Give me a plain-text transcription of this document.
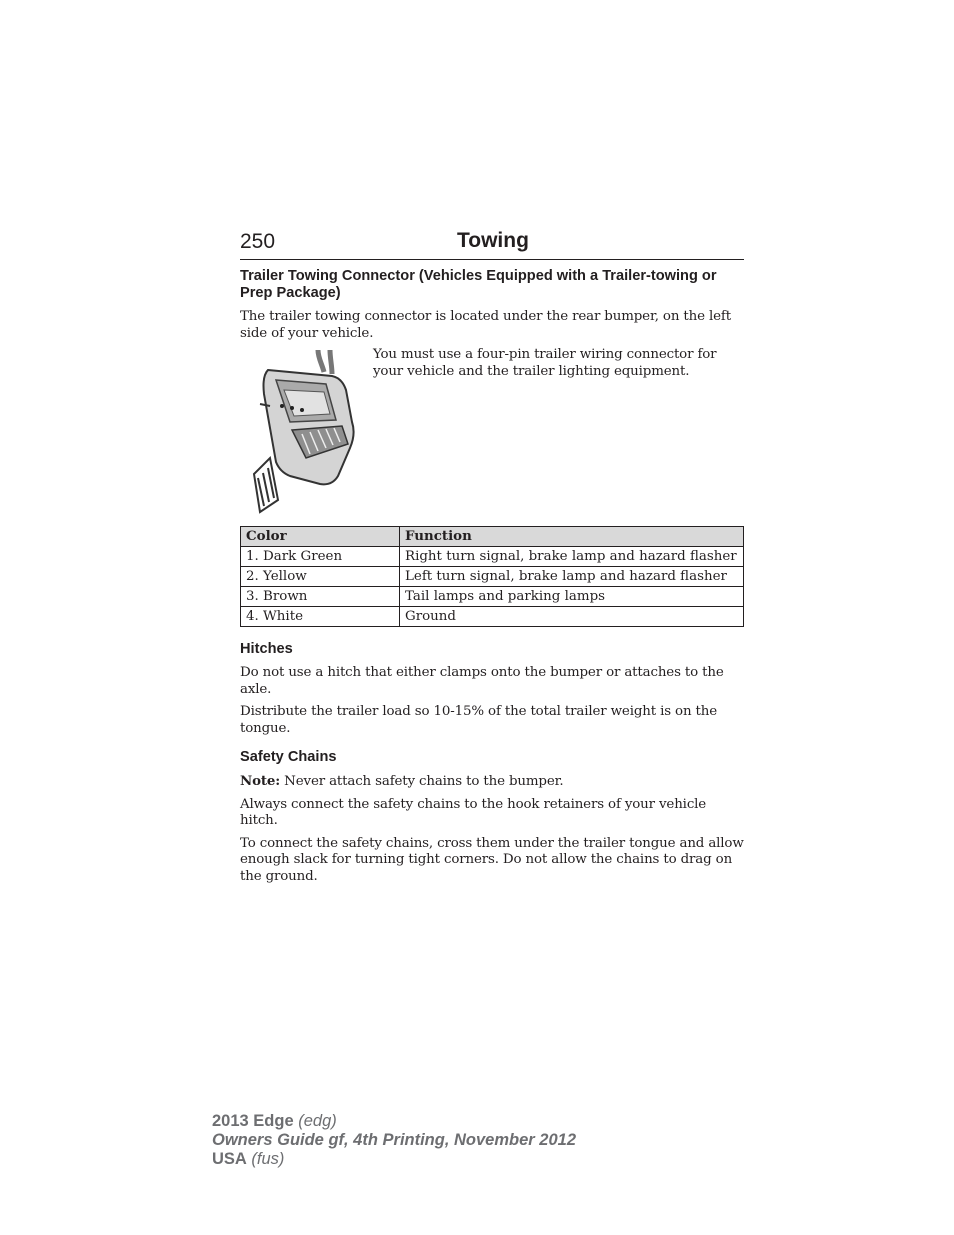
250	Towing
Trailer Towing Connector (Vehicles Equipped with a Trailer-towing or Prep Package)

The trailer towing connector is located under the rear bumper, on the left side of your vehicle.

You must use a four-pin trailer wiring connector for your vehicle and the trailer lighting equipment.

Color	Function
1. Dark Green	Right turn signal, brake lamp and hazard flasher
2. Yellow	Left turn signal, brake lamp and hazard flasher
3. Brown	Tail lamps and parking lamps
4. White	Ground
Hitches

Do not use a hitch that either clamps onto the bumper or attaches to the axle.

Distribute the trailer load so 10-15% of the total trailer weight is on the tongue.

Safety Chains

Note: Never attach safety chains to the bumper.

Always connect the safety chains to the hook retainers of your vehicle hitch.

To connect the safety chains, cross them under the trailer tongue and allow enough slack for turning tight corners. Do not allow the chains to drag on the ground.

2013 Edge (edg)
Owners Guide gf, 4th Printing, November 2012
USA (fus)
